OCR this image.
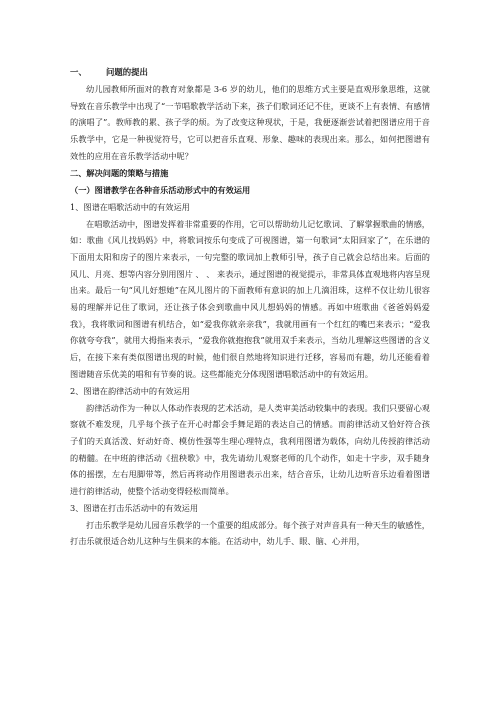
一、 问题的提出

幼儿园教师所面对的教育对象都是 3-6 岁的幼儿，他们的思维方式主要是直观形象思维，这就导致在音乐教学中出现了“一节唱歌教学活动下来，孩子们歌词还记不住，更谈不上有表情、有感情的演唱了”。教师教的累、孩子学的烦。为了改变这种现状，于是，我便逐渐尝试着把图谱应用于音乐教学中，它是一种视觉符号，它可以把音乐直观、形象、趣味的表现出来。那么，如何把图谱有效性的应用在音乐教学活动中呢？

二、解决问题的策略与措施

（一）图谱教学在各种音乐活动形式中的有效运用

1、图谱在唱歌活动中的有效运用

在唱歌活动中，图谱发挥着非常重要的作用，它可以帮助幼儿记忆歌词、了解掌握歌曲的情感，如：歌曲《风儿找妈妈》中，将歌词按乐句变成了可视图谱，第一句歌词“太阳回家了”，在乐谱的下面用太阳和房子的图片来表示，一句完整的歌词加上教师引导，孩子自己就会总结出来。后面的风儿、月亮、想等内容分别用图片 、 、 来表示，通过图谱的视觉提示，非常具体直观地将内容呈现出来。最后一句“风儿好想她”在风儿图片的下面教师有意识的加上几滴泪珠，这样不仅让幼儿很容易的理解并记住了歌词，还让孩子体会到歌曲中风儿想妈妈的情感。再如中班歌曲《爸爸妈妈爱我》，我将歌词和图谱有机结合，如“爱我你就亲亲我”，我就用画有一个红红的嘴巴来表示；“爱我你就夸夸我”，就用大拇指来表示，“爱我你就抱抱我”就用双手来表示，当幼儿理解这些图谱的含义后，在接下来有类似图谱出现的时候，他们很自然地将知识进行迁移，容易而有趣，幼儿还能看着图谱随音乐优美的唱和有节奏的说。这些都能充分体现图谱唱歌活动中的有效运用。

2、图谱在韵律活动中的有效运用

韵律活动作为一种以人体动作表现的艺术活动，是人类审美活动较集中的表现。我们只要留心观察就不难发现，几乎每个孩子在开心时都会手舞足蹈的表达自己的情感。而韵律活动又恰好符合孩子们的天真活泼、好动好奇、模仿性强等生理心理特点，我利用图谱为载体，向幼儿传授韵律活动的精髓。在中班韵律活动《扭秧歌》中，我先请幼儿观察老师的几个动作，如走十字步，双手随身体的摇摆，左右甩脚带等，然后再将动作用图谱表示出来，结合音乐，让幼儿边听音乐边看着图谱进行韵律活动，使整个活动变得轻松而简单。

3、图谱在打击乐活动中的有效运用

打击乐教学是幼儿园音乐教学的一个重要的组成部分。每个孩子对声音具有一种天生的敏感性，打击乐就很适合幼儿这种与生俱来的本能。在活动中，幼儿手、眼、脑、心并用，
